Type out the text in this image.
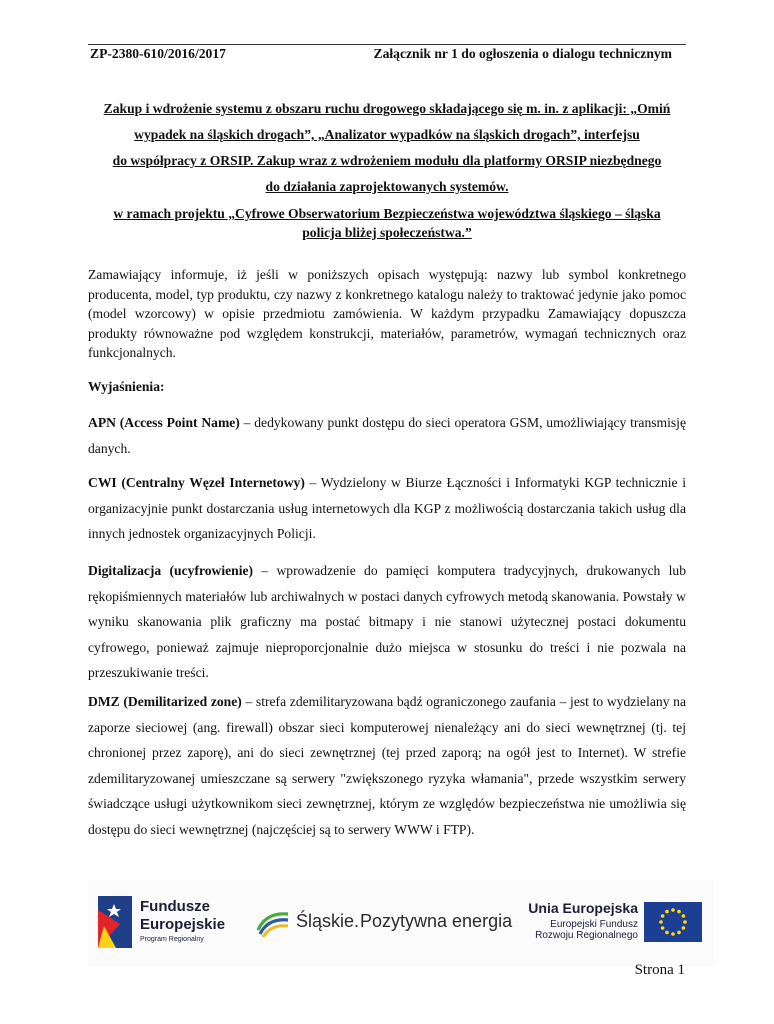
ZP-2380-610/2016/2017	Załącznik nr 1 do ogłoszenia o dialogu technicznym
Zakup i wdrożenie systemu z obszaru ruchu drogowego składającego się m. in. z aplikacji: „Omiń
wypadek na śląskich drogach”, „Analizator wypadków na śląskich drogach”, interfejsu
do współpracy z ORSIP. Zakup wraz z wdrożeniem modułu dla platformy ORSIP niezbędnego
do działania zaprojektowanych systemów.
w ramach projektu „Cyfrowe Obserwatorium Bezpieczeństwa województwa śląskiego – śląska
policja bliżej społeczeństwa.”
Zamawiający informuje, iż jeśli w poniższych opisach występują: nazwy lub symbol konkretnego producenta, model, typ produktu, czy nazwy z konkretnego katalogu należy to traktować jedynie jako pomoc (model wzorcowy) w opisie przedmiotu zamówienia. W każdym przypadku Zamawiający dopuszcza produkty równoważne pod względem konstrukcji, materiałów, parametrów, wymagań technicznych oraz funkcjonalnych.
Wyjaśnienia:
APN (Access Point Name) – dedykowany punkt dostępu do sieci operatora GSM, umożliwiający transmisję danych.
CWI (Centralny Węzeł Internetowy) – Wydzielony w Biurze Łączności i Informatyki KGP technicznie i organizacyjnie punkt dostarczania usług internetowych dla KGP z możliwością dostarczania takich usług dla innych jednostek organizacyjnych Policji.
Digitalizacja (ucyfrowienie) – wprowadzenie do pamięci komputera tradycyjnych, drukowanych lub rękopiśmiennych materiałów lub archiwalnych w postaci danych cyfrowych metodą skanowania. Powstały w wyniku skanowania plik graficzny ma postać bitmapy i nie stanowi użytecznej postaci dokumentu cyfrowego, ponieważ zajmuje nieproporcjonalnie dużo miejsca w stosunku do treści i nie pozwala na przeszukiwanie treści.
DMZ (Demilitarized zone) – strefa zdemilitaryzowana bądź ograniczonego zaufania – jest to wydzielany na zaporze sieciowej (ang. firewall) obszar sieci komputerowej nienależący ani do sieci wewnętrznej (tj. tej chronionej przez zaporę), ani do sieci zewnętrznej (tej przed zaporą; na ogół jest to Internet). W strefie zdemilitaryzowanej umieszczane są serwery "zwiększonego ryzyka włamania", przede wszystkim serwery świadczące usługi użytkownikom sieci zewnętrznej, którym ze względów bezpieczeństwa nie umożliwia się dostępu do sieci wewnętrznej (najczęściej są to serwery WWW i FTP).
Fundusze
Europejskie
Program Regionalny
Śląskie. Pozytywna energia
Unia Europejska
Europejski Fundusz
Rozwoju Regionalnego
Strona 1
